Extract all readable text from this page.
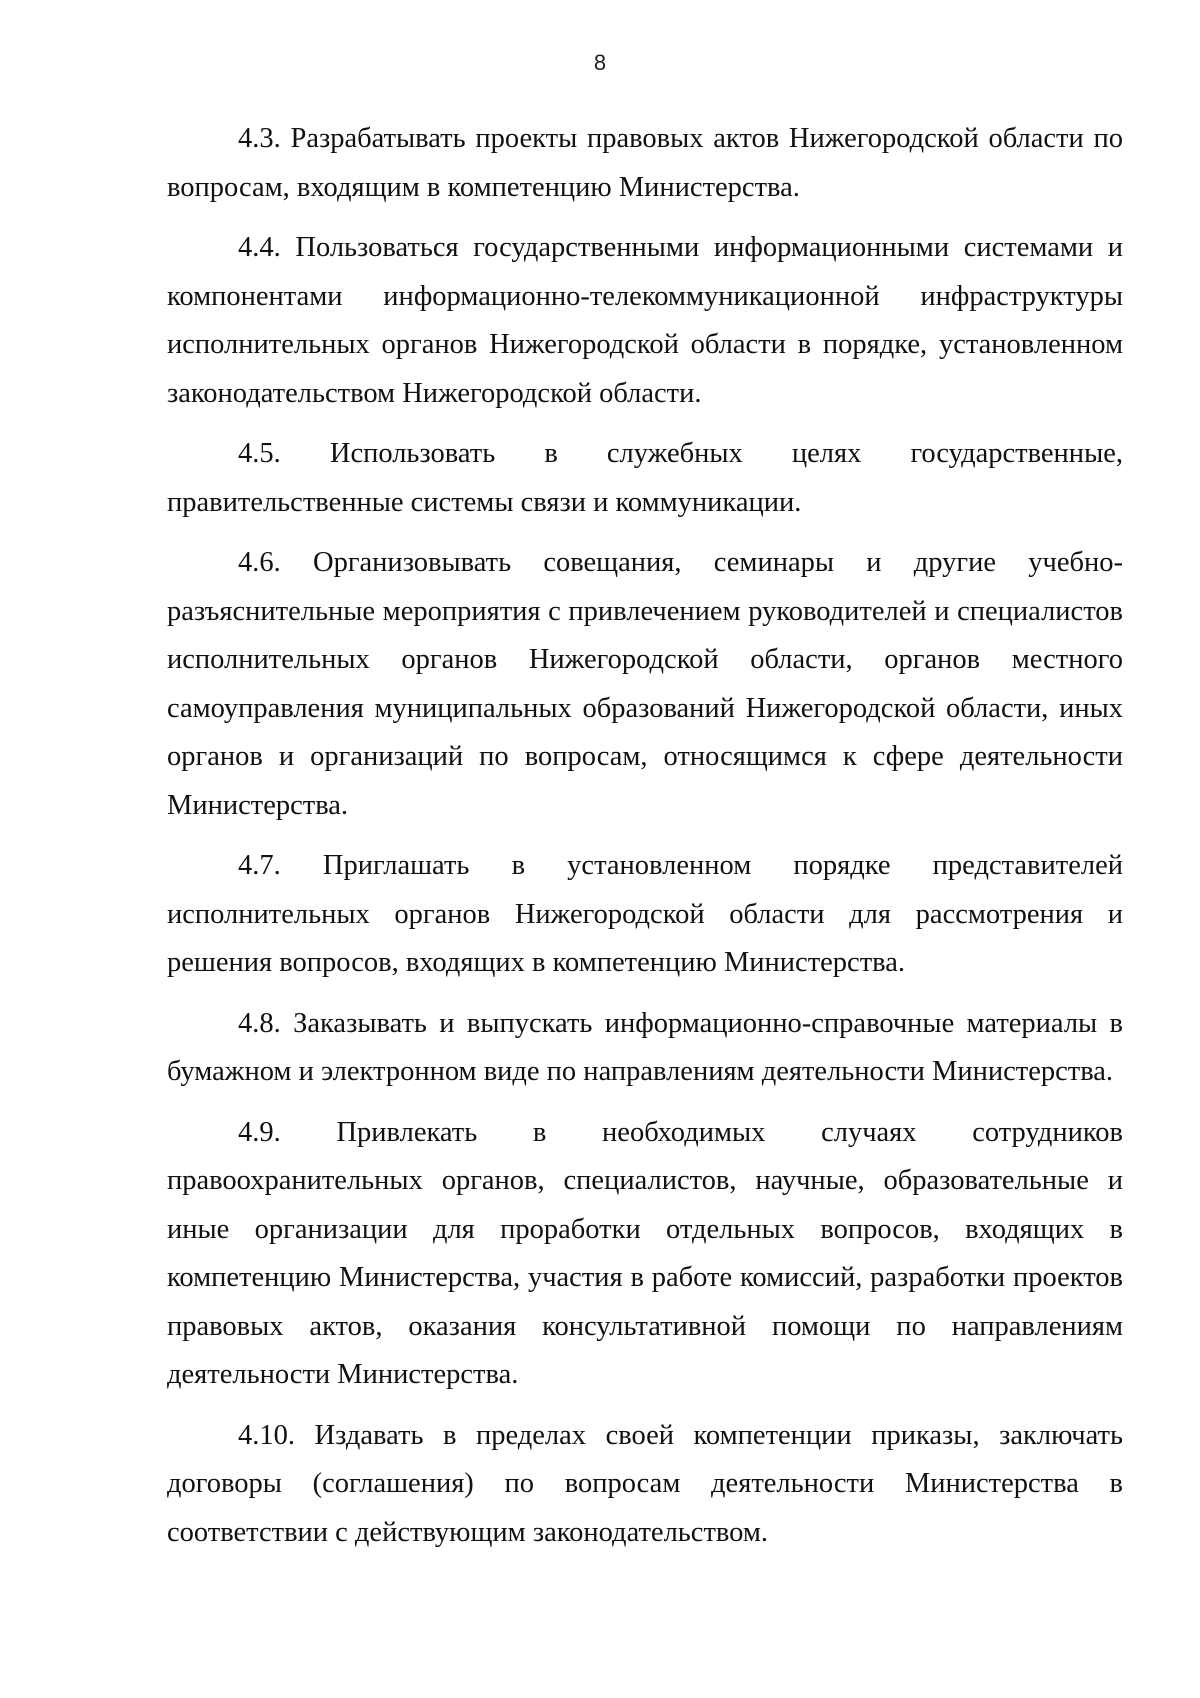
8

4.3. Разрабатывать проекты правовых актов Нижегородской области по вопросам, входящим в компетенцию Министерства.

4.4. Пользоваться государственными информационными системами и компонентами информационно-телекоммуникационной инфраструктуры исполнительных органов Нижегородской области в порядке, установленном законодательством Нижегородской области.

4.5. Использовать в служебных целях государственные, правительственные системы связи и коммуникации.

4.6. Организовывать совещания, семинары и другие учебно-разъяснительные мероприятия с привлечением руководителей и специалистов исполнительных органов Нижегородской области, органов местного самоуправления муниципальных образований Нижегородской области, иных органов и организаций по вопросам, относящимся к сфере деятельности Министерства.

4.7. Приглашать в установленном порядке представителей исполнительных органов Нижегородской области для рассмотрения и решения вопросов, входящих в компетенцию Министерства.

4.8. Заказывать и выпускать информационно-справочные материалы в бумажном и электронном виде по направлениям деятельности Министерства.

4.9. Привлекать в необходимых случаях сотрудников правоохранительных органов, специалистов, научные, образовательные и иные организации для проработки отдельных вопросов, входящих в компетенцию Министерства, участия в работе комиссий, разработки проектов правовых актов, оказания консультативной помощи по направлениям деятельности Министерства.

4.10. Издавать в пределах своей компетенции приказы, заключать договоры (соглашения) по вопросам деятельности Министерства в соответствии с действующим законодательством.
